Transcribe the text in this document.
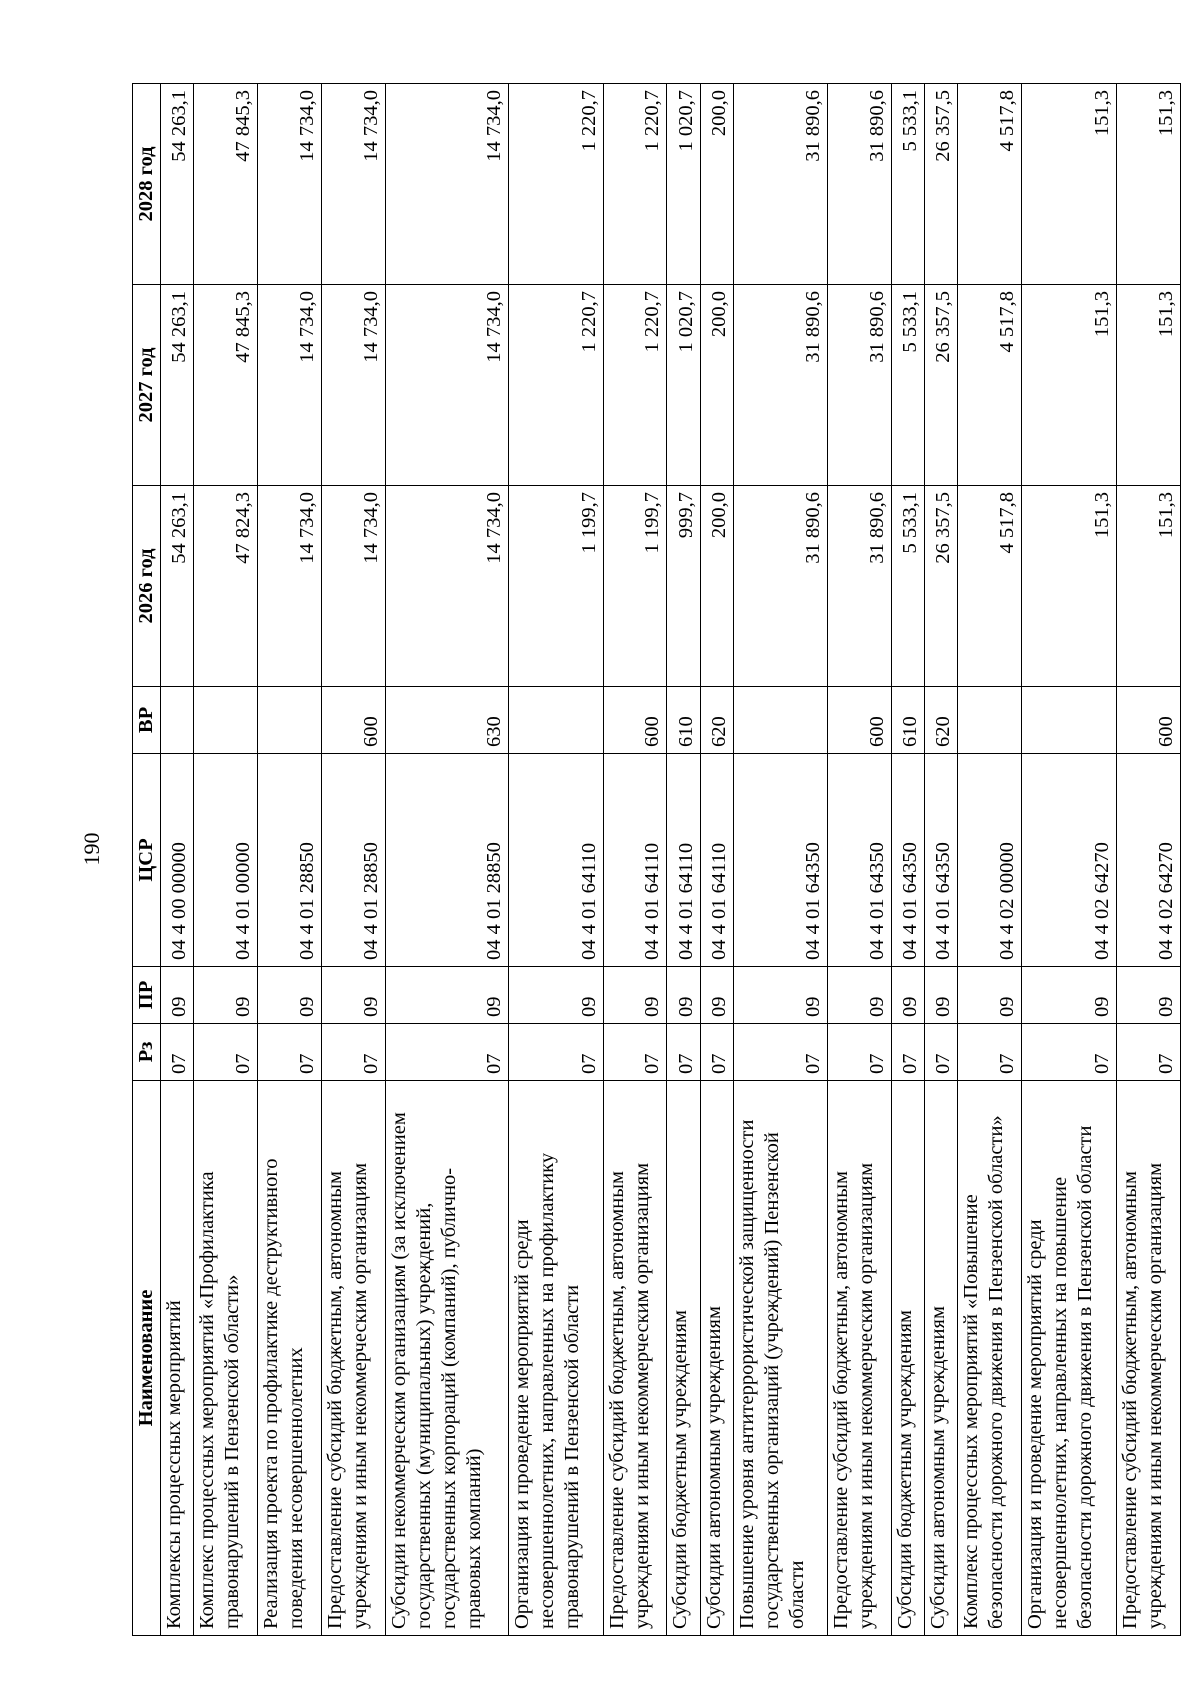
190
Наименование	Рз	ПР	ЦСР	ВР	2026 год	2027 год	2028 год
Комплексы процессных мероприятий	07	09	04 4 00 00000		54 263,1	54 263,1	54 263,1
Комплекс процессных мероприятий «Профилактика правонарушений в Пензенской области»	07	09	04 4 01 00000		47 824,3	47 845,3	47 845,3
Реализация проекта по профилактике деструктивного поведения несовершеннолетних	07	09	04 4 01 28850		14 734,0	14 734,0	14 734,0
Предоставление субсидий бюджетным, автономным учреждениям и иным некоммерческим организациям	07	09	04 4 01 28850	600	14 734,0	14 734,0	14 734,0
Субсидии некоммерческим организациям (за исключением государственных (муниципальных) учреждений, государственных корпораций (компаний), публично-правовых компаний)	07	09	04 4 01 28850	630	14 734,0	14 734,0	14 734,0
Организация и проведение мероприятий среди несовершеннолетних, направленных на профилактику правонарушений в Пензенской области	07	09	04 4 01 64110		1 199,7	1 220,7	1 220,7
Предоставление субсидий бюджетным, автономным учреждениям и иным некоммерческим организациям	07	09	04 4 01 64110	600	1 199,7	1 220,7	1 220,7
Субсидии бюджетным учреждениям	07	09	04 4 01 64110	610	999,7	1 020,7	1 020,7
Субсидии автономным учреждениям	07	09	04 4 01 64110	620	200,0	200,0	200,0
Повышение уровня антитеррористической защищенности государственных организаций (учреждений) Пензенской области	07	09	04 4 01 64350		31 890,6	31 890,6	31 890,6
Предоставление субсидий бюджетным, автономным учреждениям и иным некоммерческим организациям	07	09	04 4 01 64350	600	31 890,6	31 890,6	31 890,6
Субсидии бюджетным учреждениям	07	09	04 4 01 64350	610	5 533,1	5 533,1	5 533,1
Субсидии автономным учреждениям	07	09	04 4 01 64350	620	26 357,5	26 357,5	26 357,5
Комплекс процессных мероприятий «Повышение безопасности дорожного движения в Пензенской области»	07	09	04 4 02 00000		4 517,8	4 517,8	4 517,8
Организация и проведение мероприятий среди несовершеннолетних, направленных на повышение безопасности дорожного движения в Пензенской области	07	09	04 4 02 64270		151,3	151,3	151,3
Предоставление субсидий бюджетным, автономным учреждениям и иным некоммерческим организациям	07	09	04 4 02 64270	600	151,3	151,3	151,3
